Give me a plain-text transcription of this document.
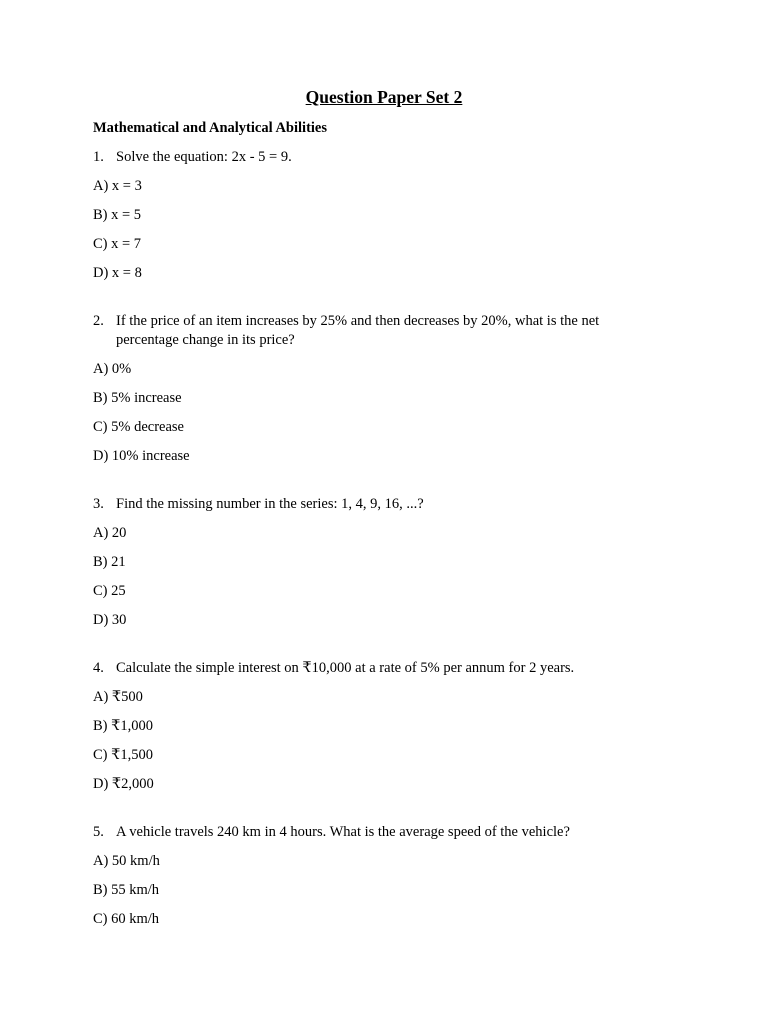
Question Paper Set 2
Mathematical and Analytical Abilities
1. Solve the equation: 2x - 5 = 9.
A) x = 3
B) x = 5
C) x = 7
D) x = 8
2. If the price of an item increases by 25% and then decreases by 20%, what is the net percentage change in its price?
A) 0%
B) 5% increase
C) 5% decrease
D) 10% increase
3. Find the missing number in the series: 1, 4, 9, 16, ...?
A) 20
B) 21
C) 25
D) 30
4. Calculate the simple interest on ₹10,000 at a rate of 5% per annum for 2 years.
A) ₹500
B) ₹1,000
C) ₹1,500
D) ₹2,000
5. A vehicle travels 240 km in 4 hours. What is the average speed of the vehicle?
A) 50 km/h
B) 55 km/h
C) 60 km/h
